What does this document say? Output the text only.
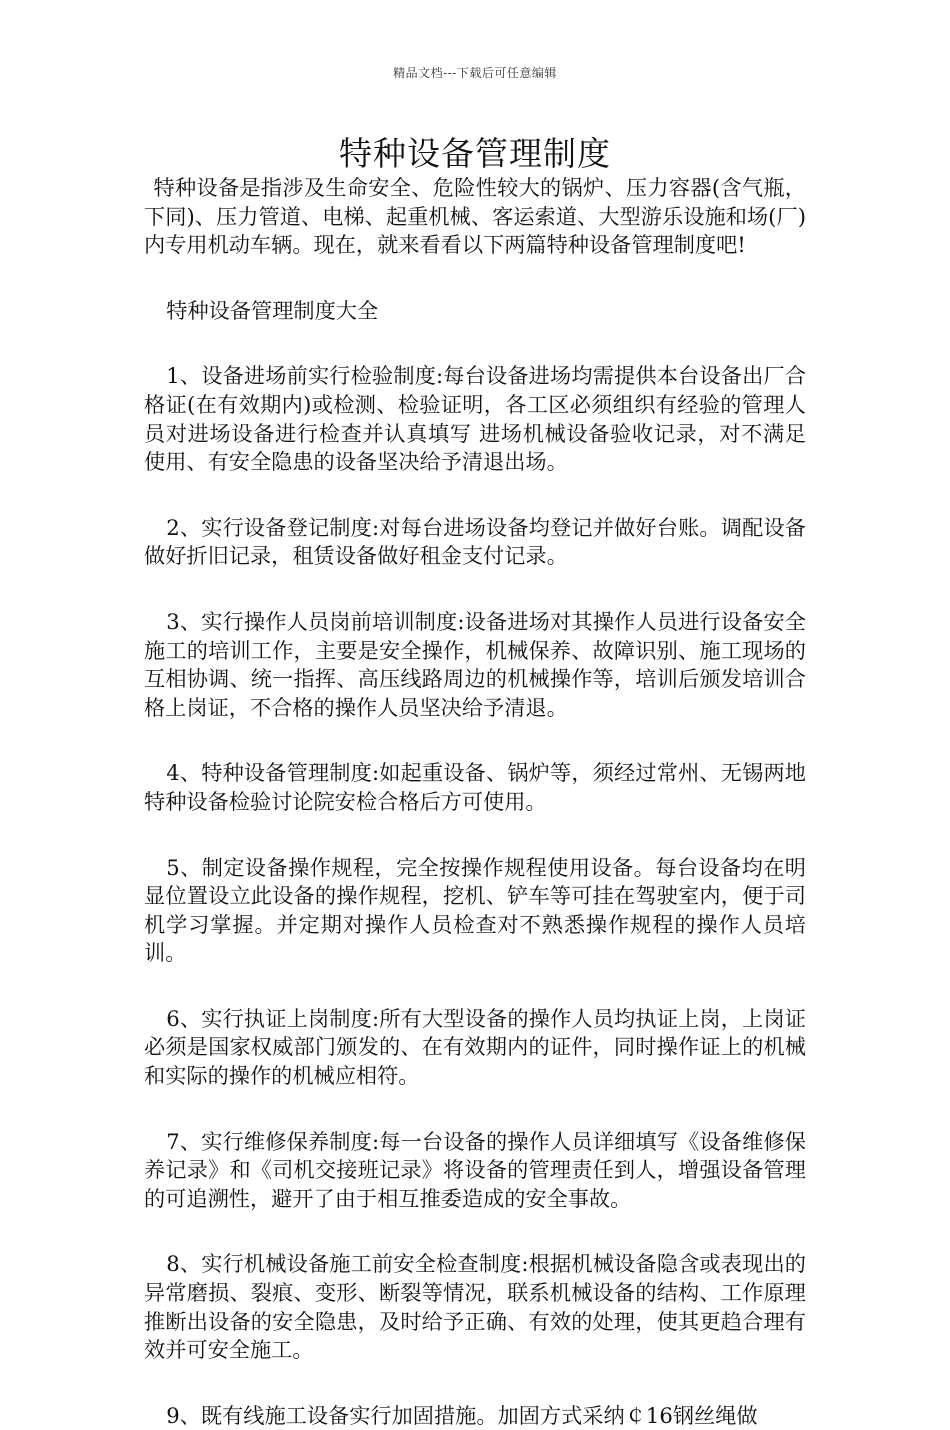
精品文档---下载后可任意编辑
特种设备管理制度

特种设备是指涉及生命安全、危险性较大的锅炉、压力容器(含气瓶，下同)、压力管道、电梯、起重机械、客运索道、大型游乐设施和场(厂)内专用机动车辆。现在，就来看看以下两篇特种设备管理制度吧!

特种设备管理制度大全

1、设备进场前实行检验制度:每台设备进场均需提供本台设备出厂合格证(在有效期内)或检测、检验证明，各工区必须组织有经验的管理人员对进场设备进行检查并认真填写 进场机械设备验收记录，对不满足使用、有安全隐患的设备坚决给予清退出场。

2、实行设备登记制度:对每台进场设备均登记并做好台账。调配设备做好折旧记录，租赁设备做好租金支付记录。

3、实行操作人员岗前培训制度:设备进场对其操作人员进行设备安全施工的培训工作，主要是安全操作，机械保养、故障识别、施工现场的互相协调、统一指挥、高压线路周边的机械操作等，培训后颁发培训合格上岗证，不合格的操作人员坚决给予清退。

4、特种设备管理制度:如起重设备、锅炉等，须经过常州、无锡两地特种设备检验讨论院安检合格后方可使用。

5、制定设备操作规程，完全按操作规程使用设备。每台设备均在明显位置设立此设备的操作规程，挖机、铲车等可挂在驾驶室内，便于司机学习掌握。并定期对操作人员检查对不熟悉操作规程的操作人员培训。

6、实行执证上岗制度:所有大型设备的操作人员均执证上岗，上岗证必须是国家权威部门颁发的、在有效期内的证件，同时操作证上的机械和实际的操作的机械应相符。

7、实行维修保养制度:每一台设备的操作人员详细填写《设备维修保养记录》和《司机交接班记录》将设备的管理责任到人，增强设备管理的可追溯性，避开了由于相互推委造成的安全事故。

8、实行机械设备施工前安全检查制度:根据机械设备隐含或表现出的异常磨损、裂痕、变形、断裂等情况，联系机械设备的结构、工作原理推断出设备的安全隐患，及时给予正确、有效的处理，使其更趋合理有效并可安全施工。

9、既有线施工设备实行加固措施。加固方式采纳￠16钢丝绳做
